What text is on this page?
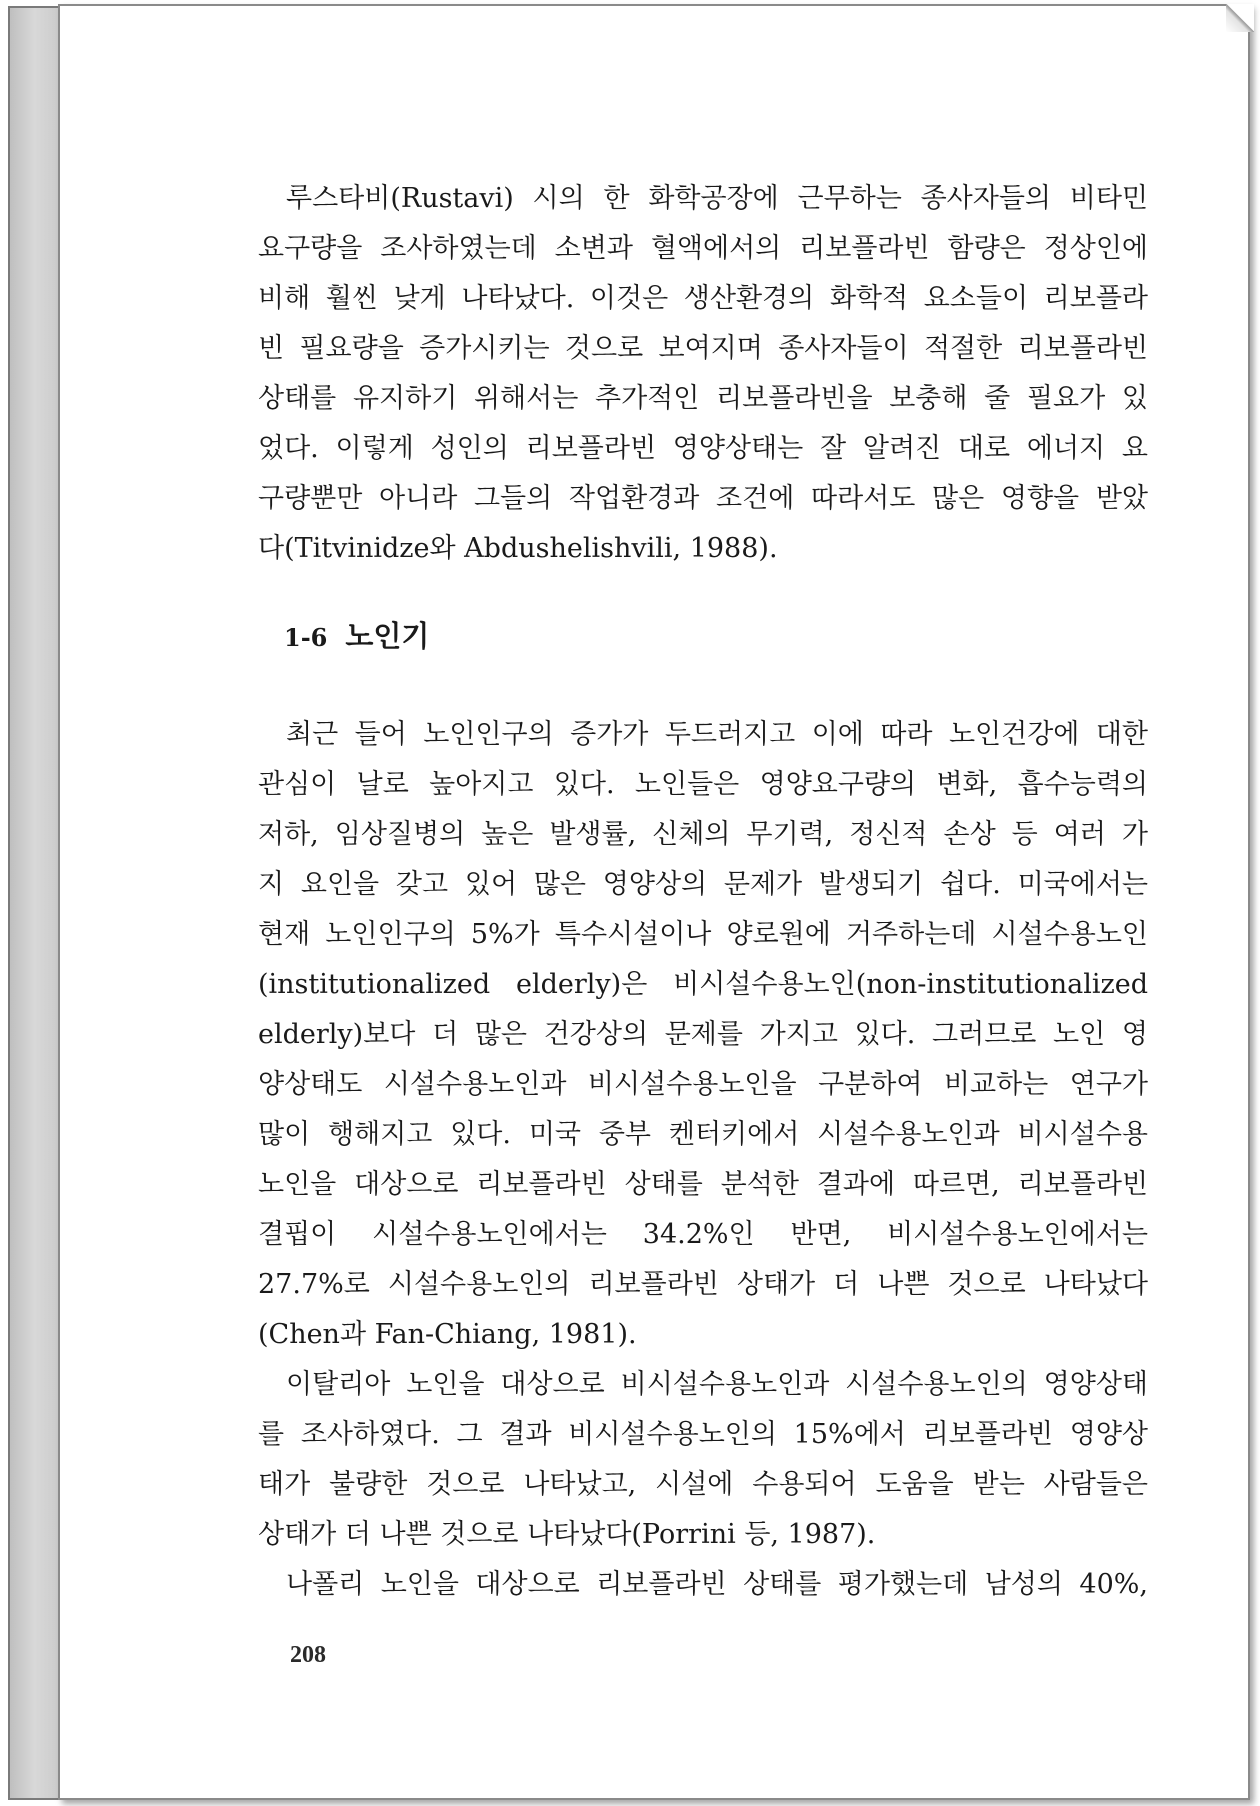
루스타비(Rustavi) 시의 한 화학공장에 근무하는 종사자들의 비타민
요구량을 조사하였는데 소변과 혈액에서의 리보플라빈 함량은 정상인에
비해 훨씬 낮게 나타났다. 이것은 생산환경의 화학적 요소들이 리보플라
빈 필요량을 증가시키는 것으로 보여지며 종사자들이 적절한 리보플라빈
상태를 유지하기 위해서는 추가적인 리보플라빈을 보충해 줄 필요가 있
었다. 이렇게 성인의 리보플라빈 영양상태는 잘 알려진 대로 에너지 요
구량뿐만 아니라 그들의 작업환경과 조건에 따라서도 많은 영향을 받았
다(Titvinidze와 Abdushelishvili, 1988).

1-6 노인기

최근 들어 노인인구의 증가가 두드러지고 이에 따라 노인건강에 대한
관심이 날로 높아지고 있다. 노인들은 영양요구량의 변화, 흡수능력의
저하, 임상질병의 높은 발생률, 신체의 무기력, 정신적 손상 등 여러 가
지 요인을 갖고 있어 많은 영양상의 문제가 발생되기 쉽다. 미국에서는
현재 노인인구의 5%가 특수시설이나 양로원에 거주하는데 시설수용노인
(institutionalized elderly)은 비시설수용노인(non-institutionalized
elderly)보다 더 많은 건강상의 문제를 가지고 있다. 그러므로 노인 영
양상태도 시설수용노인과 비시설수용노인을 구분하여 비교하는 연구가
많이 행해지고 있다. 미국 중부 켄터키에서 시설수용노인과 비시설수용
노인을 대상으로 리보플라빈 상태를 분석한 결과에 따르면, 리보플라빈
결핍이 시설수용노인에서는 34.2%인 반면, 비시설수용노인에서는
27.7%로 시설수용노인의 리보플라빈 상태가 더 나쁜 것으로 나타났다
(Chen과 Fan-Chiang, 1981).

이탈리아 노인을 대상으로 비시설수용노인과 시설수용노인의 영양상태
를 조사하였다. 그 결과 비시설수용노인의 15%에서 리보플라빈 영양상
태가 불량한 것으로 나타났고, 시설에 수용되어 도움을 받는 사람들은
상태가 더 나쁜 것으로 나타났다(Porrini 등, 1987).

나폴리 노인을 대상으로 리보플라빈 상태를 평가했는데 남성의 40%,

208
